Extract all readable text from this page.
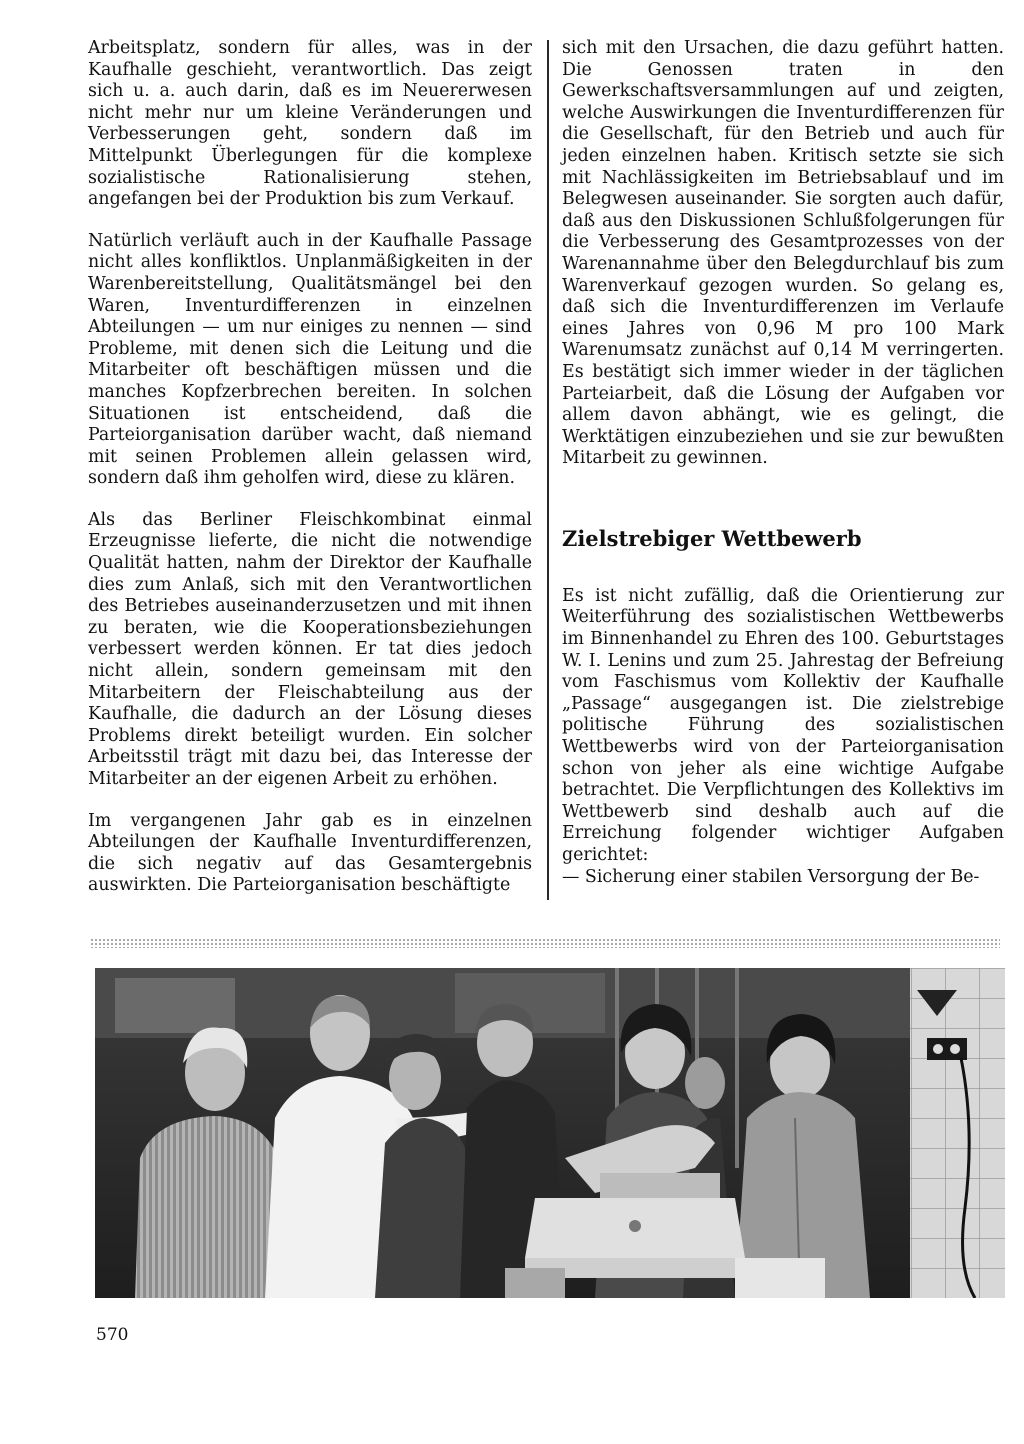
Arbeitsplatz, sondern für alles, was in der Kaufhalle geschieht, verantwortlich. Das zeigt sich u. a. auch darin, daß es im Neuererwesen nicht mehr nur um kleine Veränderungen und Verbesserungen geht, sondern daß im Mittelpunkt Überlegungen für die komplexe sozialistische Rationalisierung stehen, angefangen bei der Produktion bis zum Verkauf.

Natürlich verläuft auch in der Kaufhalle Passage nicht alles konfliktlos. Unplanmäßigkeiten in der Warenbereitstellung, Qualitätsmängel bei den Waren, Inventurdifferenzen in einzelnen Abteilungen — um nur einiges zu nennen — sind Probleme, mit denen sich die Leitung und die Mitarbeiter oft beschäftigen müssen und die manches Kopfzerbrechen bereiten. In solchen Situationen ist entscheidend, daß die Parteiorganisation darüber wacht, daß niemand mit seinen Problemen allein gelassen wird, sondern daß ihm geholfen wird, diese zu klären.

Als das Berliner Fleischkombinat einmal Erzeugnisse lieferte, die nicht die notwendige Qualität hatten, nahm der Direktor der Kaufhalle dies zum Anlaß, sich mit den Verantwortlichen des Betriebes auseinanderzusetzen und mit ihnen zu beraten, wie die Kooperationsbeziehungen verbessert werden können. Er tat dies jedoch nicht allein, sondern gemeinsam mit den Mitarbeitern der Fleischabteilung aus der Kaufhalle, die dadurch an der Lösung dieses Problems direkt beteiligt wurden. Ein solcher Arbeitsstil trägt mit dazu bei, das Interesse der Mitarbeiter an der eigenen Arbeit zu erhöhen.

Im vergangenen Jahr gab es in einzelnen Abteilungen der Kaufhalle Inventurdifferenzen, die sich negativ auf das Gesamtergebnis auswirkten. Die Parteiorganisation beschäftigte

sich mit den Ursachen, die dazu geführt hatten. Die Genossen traten in den Gewerkschaftsversammlungen auf und zeigten, welche Auswirkungen die Inventurdifferenzen für die Gesellschaft, für den Betrieb und auch für jeden einzelnen haben. Kritisch setzte sie sich mit Nachlässigkeiten im Betriebsablauf und im Belegwesen auseinander. Sie sorgten auch dafür, daß aus den Diskussionen Schlußfolgerungen für die Verbesserung des Gesamtprozesses von der Warenannahme über den Belegdurchlauf bis zum Warenverkauf gezogen wurden. So gelang es, daß sich die Inventurdifferenzen im Verlaufe eines Jahres von 0,96 M pro 100 Mark Warenumsatz zunächst auf 0,14 M verringerten. Es bestätigt sich immer wieder in der täglichen Parteiarbeit, daß die Lösung der Aufgaben vor allem davon abhängt, wie es gelingt, die Werktätigen einzubeziehen und sie zur bewußten Mitarbeit zu gewinnen.

Zielstrebiger Wettbewerb

Es ist nicht zufällig, daß die Orientierung zur Weiterführung des sozialistischen Wettbewerbs im Binnenhandel zu Ehren des 100. Geburtstages W. I. Lenins und zum 25. Jahrestag der Befreiung vom Faschismus vom Kollektiv der Kaufhalle „Passage“ ausgegangen ist. Die zielstrebige politische Führung des sozialistischen Wettbewerbs wird von der Parteiorganisation schon von jeher als eine wichtige Aufgabe betrachtet. Die Verpflichtungen des Kollektivs im Wettbewerb sind deshalb auch auf die Erreichung folgender wichtiger Aufgaben gerichtet:

— Sicherung einer stabilen Versorgung der Be-

570
